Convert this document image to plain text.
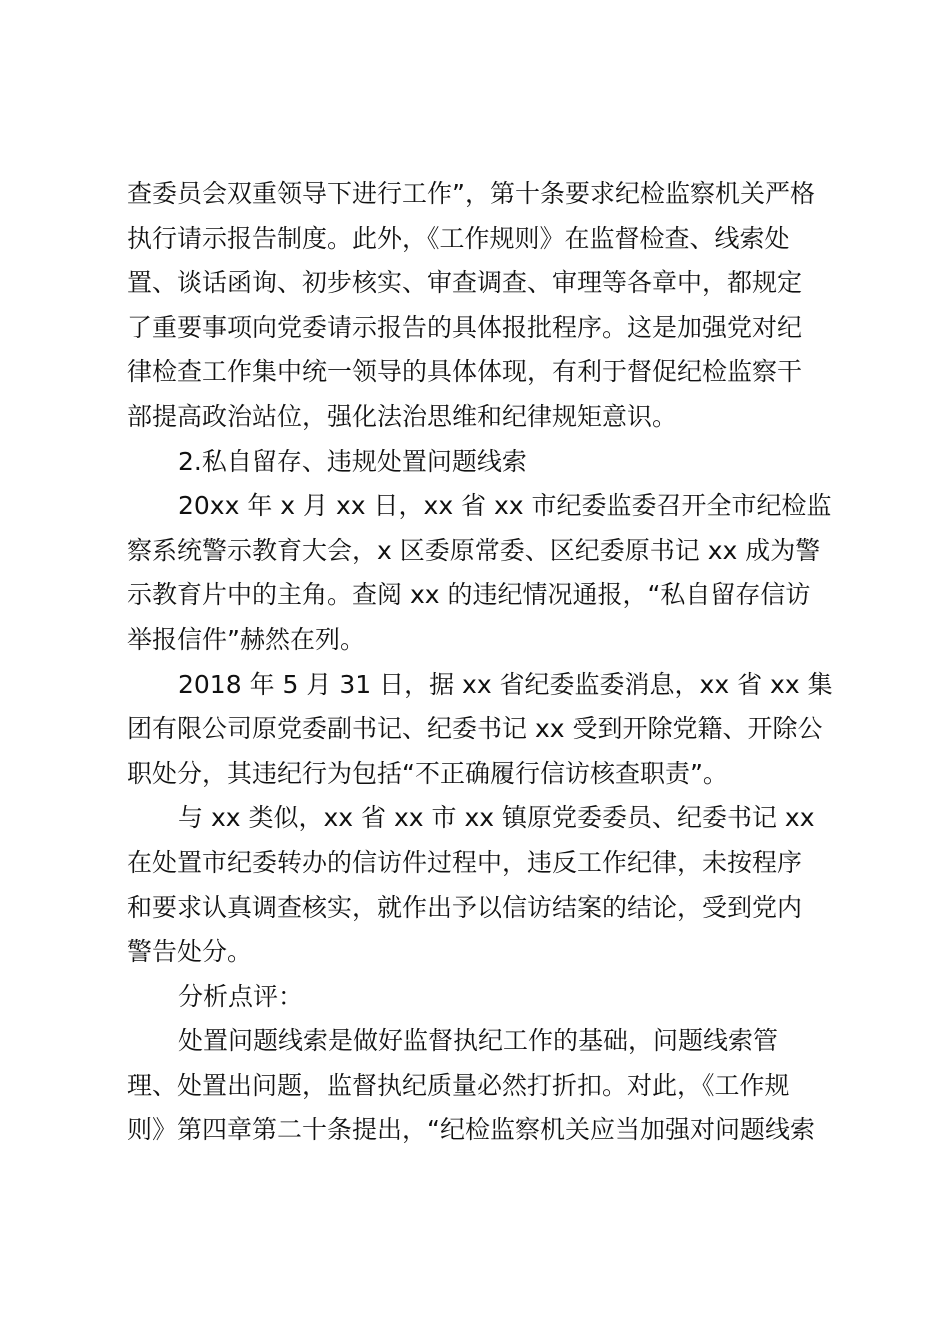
查委员会双重领导下进行工作”，第十条要求纪检监察机关严格
执行请示报告制度。此外，《工作规则》在监督检查、线索处
置、谈话函询、初步核实、审查调查、审理等各章中，都规定
了重要事项向党委请示报告的具体报批程序。这是加强党对纪
律检查工作集中统一领导的具体体现，有利于督促纪检监察干
部提高政治站位，强化法治思维和纪律规矩意识。
2.私自留存、违规处置问题线索
20xx 年 x 月 xx 日，xx 省 xx 市纪委监委召开全市纪检监
察系统警示教育大会，x 区委原常委、区纪委原书记 xx 成为警
示教育片中的主角。查阅 xx 的违纪情况通报，“私自留存信访
举报信件”赫然在列。
2018 年 5 月 31 日，据 xx 省纪委监委消息，xx 省 xx 集
团有限公司原党委副书记、纪委书记 xx 受到开除党籍、开除公
职处分，其违纪行为包括“不正确履行信访核查职责”。
与 xx 类似，xx 省 xx 市 xx 镇原党委委员、纪委书记 xx
在处置市纪委转办的信访件过程中，违反工作纪律，未按程序
和要求认真调查核实，就作出予以信访结案的结论，受到党内
警告处分。
分析点评：
处置问题线索是做好监督执纪工作的基础，问题线索管
理、处置出问题，监督执纪质量必然打折扣。对此，《工作规
则》第四章第二十条提出，“纪检监察机关应当加强对问题线索
